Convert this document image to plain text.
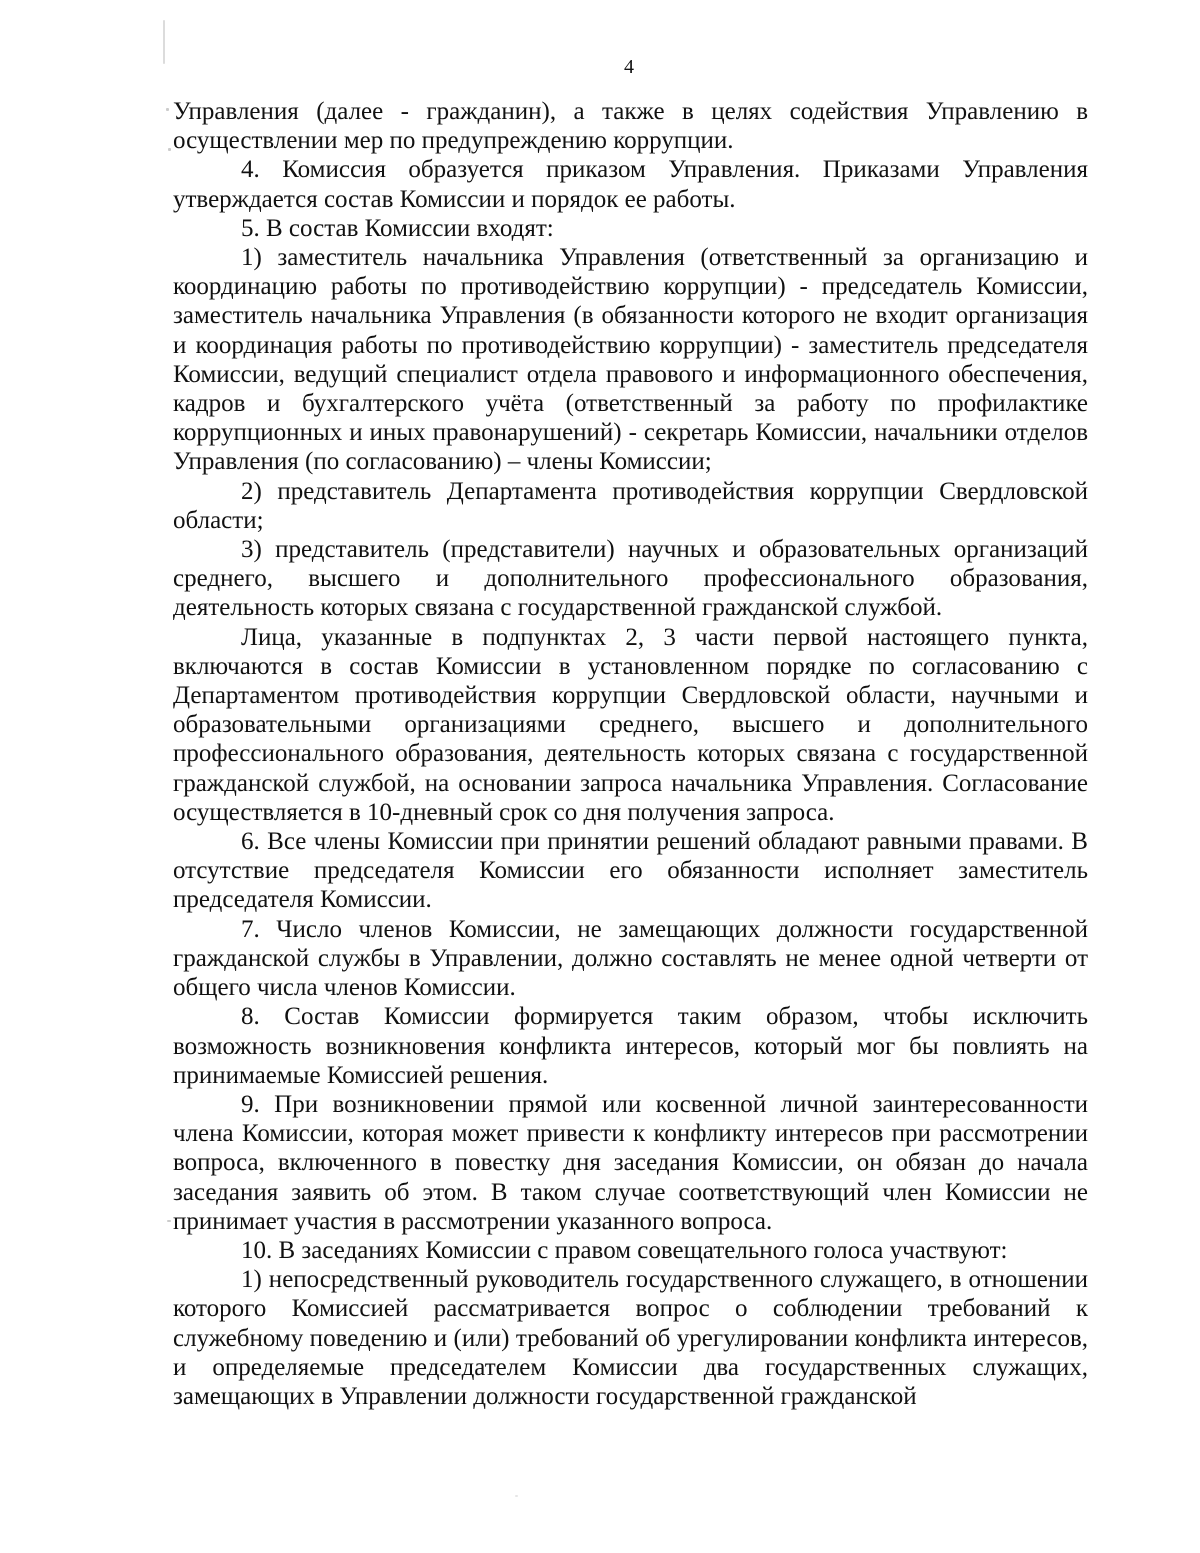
4

Управления (далее - гражданин), а также в целях содействия Управлению в осуществлении мер по предупреждению коррупции.

4. Комиссия образуется приказом Управления. Приказами Управления утверждается состав Комиссии и порядок ее работы.

5. В состав Комиссии входят:

1) заместитель начальника Управления (ответственный за организацию и координацию работы по противодействию коррупции) - председатель Комиссии, заместитель начальника Управления (в обязанности которого не входит организация и координация работы по противодействию коррупции) - заместитель председателя Комиссии, ведущий специалист отдела правового и информационного обеспечения, кадров и бухгалтерского учёта (ответственный за работу по профилактике коррупционных и иных правонарушений) - секретарь Комиссии, начальники отделов Управления (по согласованию) – члены Комиссии;

2) представитель Департамента противодействия коррупции Свердловской области;

3) представитель (представители) научных и образовательных организаций среднего, высшего и дополнительного профессионального образования, деятельность которых связана с государственной гражданской службой.

Лица, указанные в подпунктах 2, 3 части первой настоящего пункта, включаются в состав Комиссии в установленном порядке по согласованию с Департаментом противодействия коррупции Свердловской области, научными и образовательными организациями среднего, высшего и дополнительного профессионального образования, деятельность которых связана с государственной гражданской службой, на основании запроса начальника Управления. Согласование осуществляется в 10-дневный срок со дня получения запроса.

6. Все члены Комиссии при принятии решений обладают равными правами. В отсутствие председателя Комиссии его обязанности исполняет заместитель председателя Комиссии.

7. Число членов Комиссии, не замещающих должности государственной гражданской службы в Управлении, должно составлять не менее одной четверти от общего числа членов Комиссии.

8. Состав Комиссии формируется таким образом, чтобы исключить возможность возникновения конфликта интересов, который мог бы повлиять на принимаемые Комиссией решения.

9. При возникновении прямой или косвенной личной заинтересованности члена Комиссии, которая может привести к конфликту интересов при рассмотрении вопроса, включенного в повестку дня заседания Комиссии, он обязан до начала заседания заявить об этом. В таком случае соответствующий член Комиссии не принимает участия в рассмотрении указанного вопроса.

10. В заседаниях Комиссии с правом совещательного голоса участвуют:

1) непосредственный руководитель государственного служащего, в отношении которого Комиссией рассматривается вопрос о соблюдении требований к служебному поведению и (или) требований об урегулировании конфликта интересов, и определяемые председателем Комиссии два государственных служащих, замещающих в Управлении должности государственной гражданской
